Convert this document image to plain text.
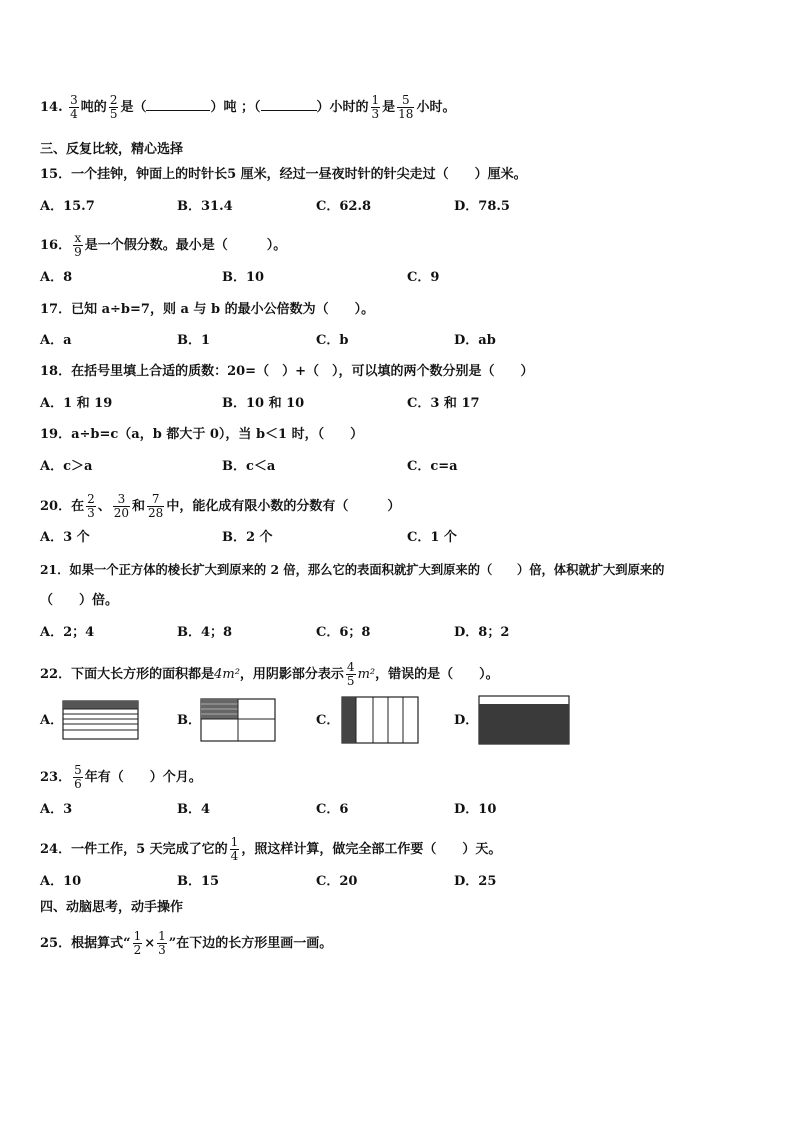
14. $\frac{3}{4}$ 吨的 $\frac{2}{5}$ 是（	）吨 ；（	）小时的 $\frac{1}{3}$ 是 $\frac{5}{18}$ 小时。
三、反复比较，精心选择
15．一个挂钟，钟面上的时针长5 厘米，经过一昼夜时针的针尖走过（　　）厘米。
A．15.7	B．31.4	C．62.8	D．78.5
16． $\frac{x}{9}$ 是一个假分数。最小是（　　　）。
A．8	B．10	C．9
17．已知 a÷b=7，则 a 与 b 的最小公倍数为（　　）。
A．a	B．1	C．b	D．ab
18．在括号里填上合适的质数：20=（　）+（　），可以填的两个数分别是（　　）
A．1 和 19	B．10 和 10	C．3 和 17
19．a÷b=c（a，b 都大于 0），当 b＜1 时，（　　）
A．c＞a	B．c＜a	C．c=a
20．在 $\frac{2}{3}$ 、 $\frac{3}{20}$ 和 $\frac{7}{28}$ 中，能化成有限小数的分数有（　　　）
A．3 个	B．2 个	C．1 个
21．如果一个正方体的棱长扩大到原来的 2 倍，那么它的表面积就扩大到原来的（　　）倍，体积就扩大到原来的
（　　）倍。
A．2；4	B．4；8	C．6；8	D．8；2
22．下面大长方形的面积都是4m²，用阴影部分表示 $\frac{4}{5} m^2$，错误的是（　　）。
A．	B．	C．	D．
23． $\frac{5}{6}$ 年有（　　）个月。
A．3	B．4	C．6	D．10
24．一件工作，5 天完成了它的 $\frac{1}{4}$ ，照这样计算，做完全部工作要（　　）天。
A．10	B．15	C．20	D．25
四、动脑思考，动手操作
25．根据算式“ $\frac{1}{2} \times \frac{1}{3}$ ”在下边的长方形里画一画。
